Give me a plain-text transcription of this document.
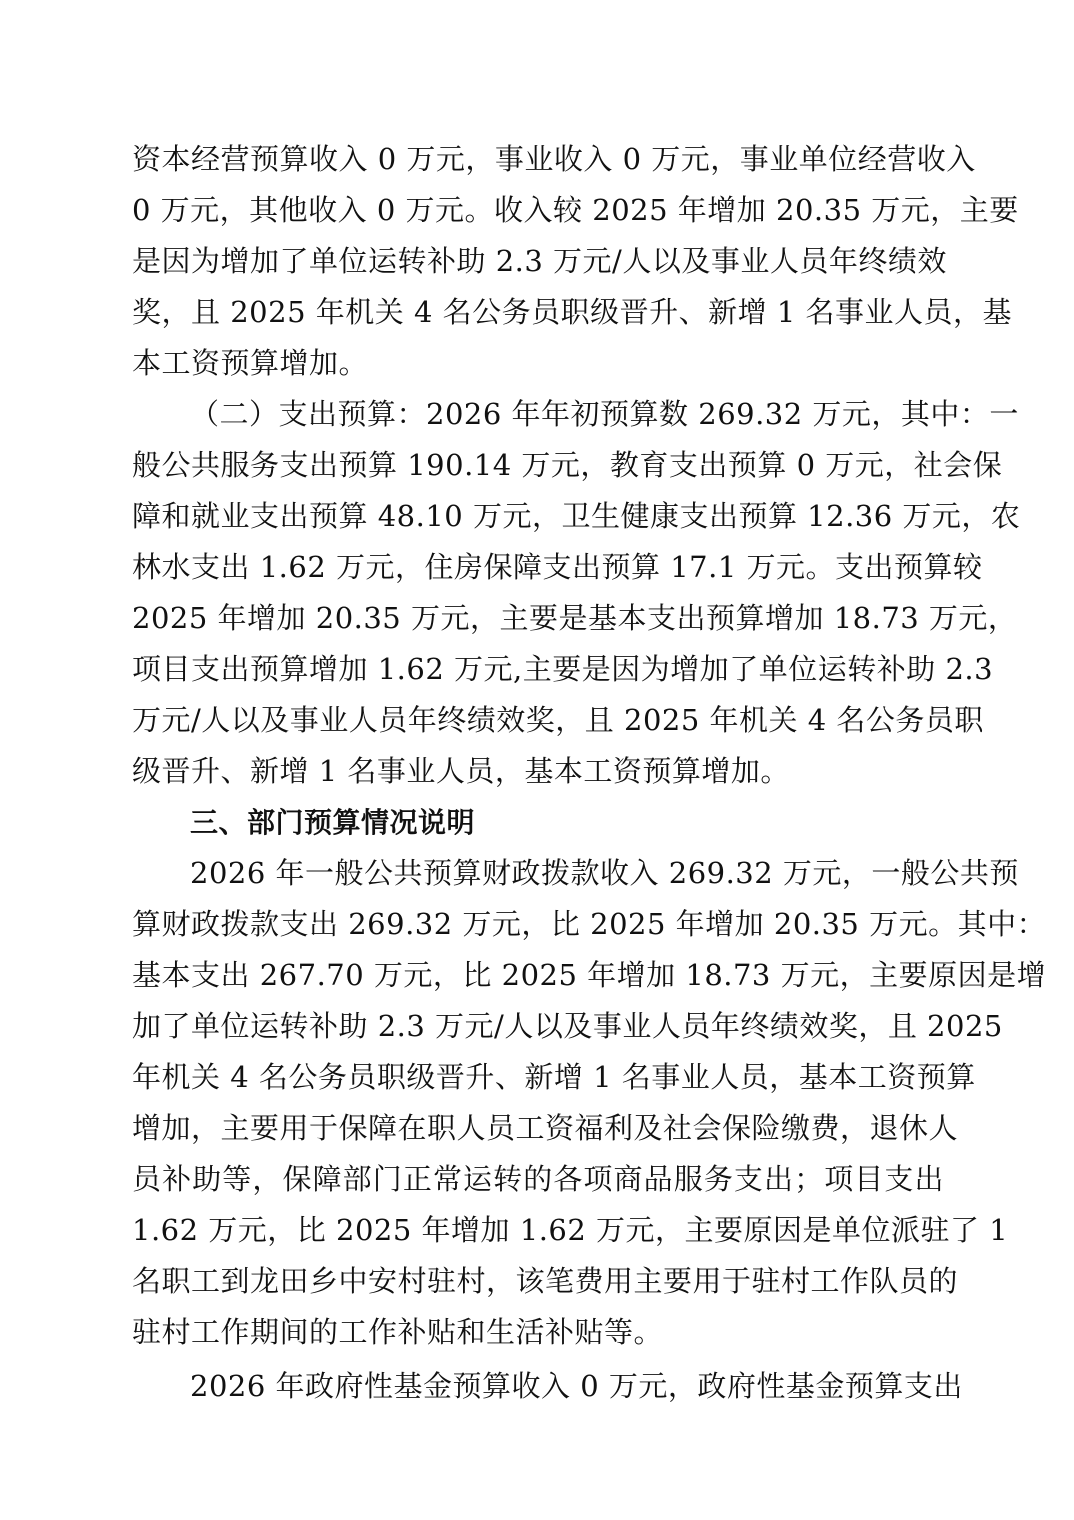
资本经营预算收入 0 万元，事业收入 0 万元，事业单位经营收入
0 万元，其他收入 0 万元。收入较 2025 年增加 20.35 万元，主要
是因为增加了单位运转补助 2.3 万元/人以及事业人员年终绩效
奖，且 2025 年机关 4 名公务员职级晋升、新增 1 名事业人员，基
本工资预算增加。
（二）支出预算：2026 年年初预算数 269.32 万元，其中：一
般公共服务支出预算 190.14 万元，教育支出预算 0 万元，社会保
障和就业支出预算 48.10 万元，卫生健康支出预算 12.36 万元，农
林水支出 1.62 万元，住房保障支出预算 17.1 万元。支出预算较
2025 年增加 20.35 万元，主要是基本支出预算增加 18.73 万元，
项目支出预算增加 1.62 万元,主要是因为增加了单位运转补助 2.3
万元/人以及事业人员年终绩效奖，且 2025 年机关 4 名公务员职
级晋升、新增 1 名事业人员，基本工资预算增加。
三、部门预算情况说明
2026 年一般公共预算财政拨款收入 269.32 万元，一般公共预
算财政拨款支出 269.32 万元，比 2025 年增加 20.35 万元。其中：
基本支出 267.70 万元，比 2025 年增加 18.73 万元，主要原因是增
加了单位运转补助 2.3 万元/人以及事业人员年终绩效奖，且 2025
年机关 4 名公务员职级晋升、新增 1 名事业人员，基本工资预算
增加，主要用于保障在职人员工资福利及社会保险缴费，退休人
员补助等，保障部门正常运转的各项商品服务支出；项目支出
1.62 万元，比 2025 年增加 1.62 万元，主要原因是单位派驻了 1
名职工到龙田乡中安村驻村，该笔费用主要用于驻村工作队员的
驻村工作期间的工作补贴和生活补贴等。
2026 年政府性基金预算收入 0 万元，政府性基金预算支出
